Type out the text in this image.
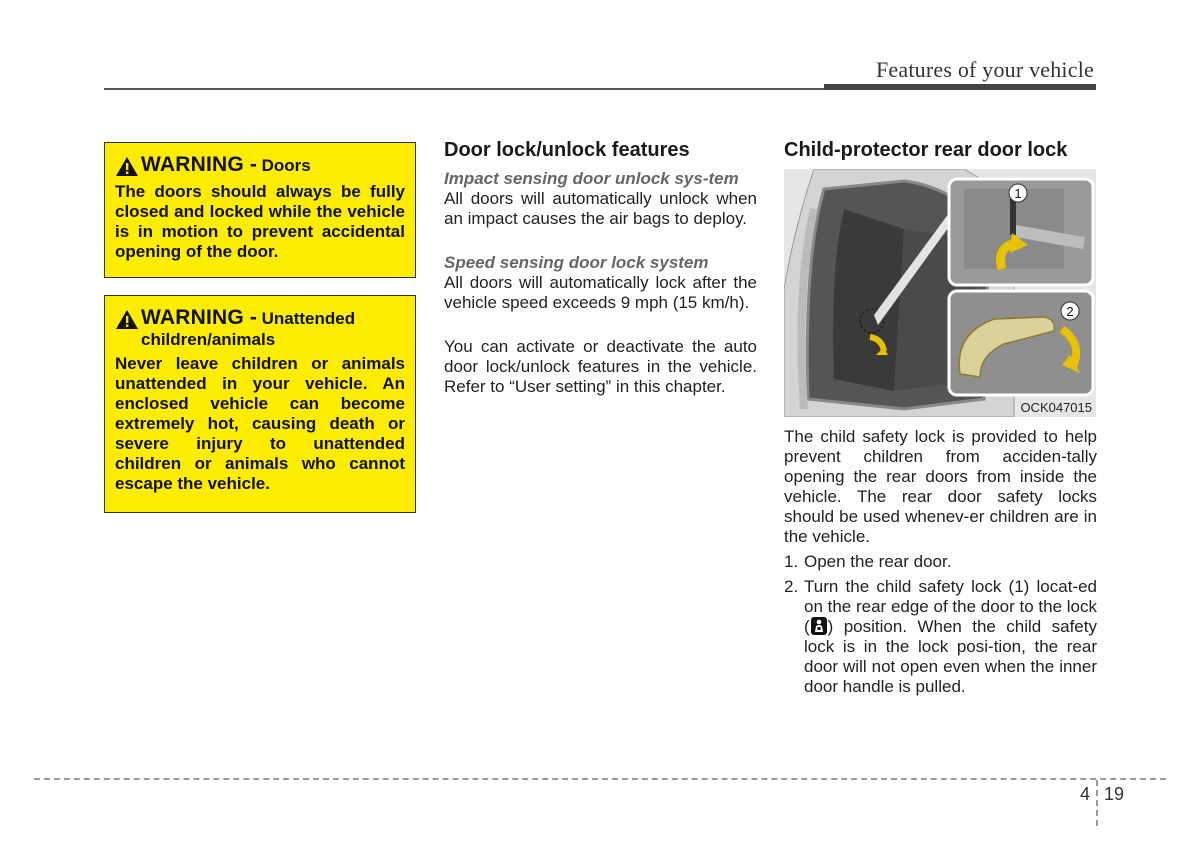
Features of your vehicle
WARNING - Doors
The doors should always be fully closed and locked while the vehicle is in motion to prevent accidental opening of the door.
WARNING - Unattended
children/animals
Never leave children or animals unattended in your vehicle. An enclosed vehicle can become extremely hot, causing death or severe injury to unattended children or animals who cannot escape the vehicle.
Door lock/unlock features

Impact sensing door unlock sys-tem

All doors will automatically unlock when an impact causes the air bags to deploy.

Speed sensing door lock system

All doors will automatically lock after the vehicle speed exceeds 9 mph (15 km/h).

You can activate or deactivate the auto door lock/unlock features in the vehicle. Refer to “User setting” in this chapter.

Child-protector rear door lock
1
2
OCK047015

The child safety lock is provided to help prevent children from acciden-tally opening the rear doors from inside the vehicle. The rear door safety locks should be used whenev-er children are in the vehicle.

1. Open the rear door.
2. Turn the child safety lock (1) locat-ed on the rear edge of the door to the lock ( ) position. When the child safety lock is in the lock posi-tion, the rear door will not open even when the inner door handle is pulled.
4 19
